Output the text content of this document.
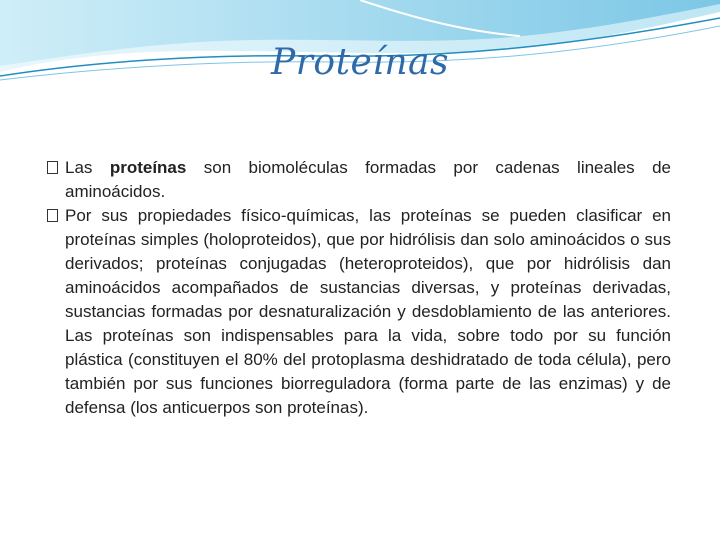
Proteínas
Las proteínas son biomoléculas formadas por cadenas lineales de aminoácidos.
Por sus propiedades físico-químicas, las proteínas se pueden clasificar en proteínas simples (holoproteidos), que por hidrólisis dan solo aminoácidos o sus derivados; proteínas conjugadas (heteroproteidos), que por hidrólisis dan aminoácidos acompañados de sustancias diversas, y proteínas derivadas, sustancias formadas por desnaturalización y desdoblamiento de las anteriores. Las proteínas son indispensables para la vida, sobre todo por su función plástica (constituyen el 80% del protoplasma deshidratado de toda célula), pero también por sus funciones biorreguladora (forma parte de las enzimas) y de defensa (los anticuerpos son proteínas).
